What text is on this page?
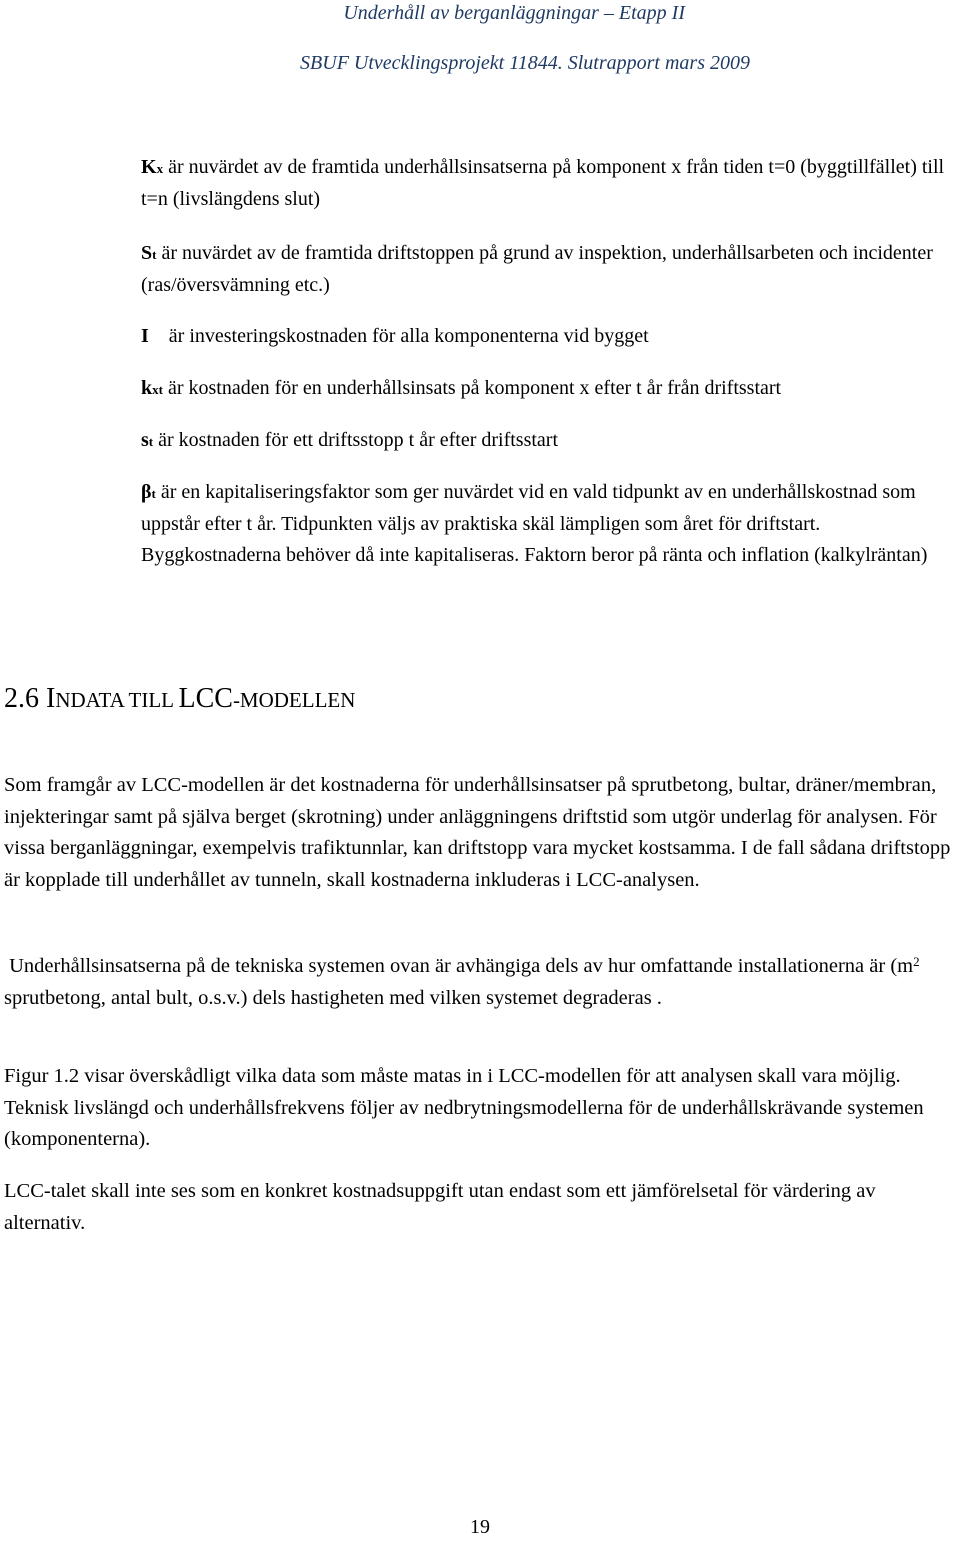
Underhåll av berganläggningar – Etapp II
SBUF Utvecklingsprojekt 11844. Slutrapport mars 2009

Kx är nuvärdet av de framtida underhållsinsatserna på komponent x från tiden t=0 (byggtillfället) till t=n (livslängdens slut)

St är nuvärdet av de framtida driftstoppen på grund av inspektion, underhållsarbeten och incidenter (ras/översvämning etc.)

I    är investeringskostnaden för alla komponenterna vid bygget

kxt är kostnaden för en underhållsinsats på komponent x efter t år från driftsstart

st är kostnaden för ett driftsstopp t år efter driftsstart

βt är en kapitaliseringsfaktor som ger nuvärdet vid en vald tidpunkt av en underhållskostnad som uppstår efter t år. Tidpunkten väljs av praktiska skäl lämpligen som året för driftstart. Byggkostnaderna behöver då inte kapitaliseras. Faktorn beror på ränta och inflation (kalkylräntan)

2.6 INDATA TILL LCC-MODELLEN

Som framgår av LCC-modellen är det kostnaderna för underhållsinsatser på sprutbetong, bultar, dräner/membran, injekteringar samt på själva berget (skrotning) under anläggningens driftstid som utgör underlag för analysen. För vissa berganläggningar, exempelvis trafiktunnlar, kan driftstopp vara mycket kostsamma. I de fall sådana driftstopp är kopplade till underhållet av tunneln, skall kostnaderna inkluderas i LCC-analysen.

Underhållsinsatserna på de tekniska systemen ovan är avhängiga dels av hur omfattande installationerna är ($m^2$ sprutbetong, antal bult, o.s.v.) dels hastigheten med vilken systemet degraderas .

Figur 1.2 visar överskådligt vilka data som måste matas in i LCC-modellen för att analysen skall vara möjlig. Teknisk livslängd och underhållsfrekvens följer av nedbrytningsmodellerna för de underhållskrävande systemen (komponenterna).

LCC-talet skall inte ses som en konkret kostnadsuppgift utan endast som ett jämförelsetal för värdering av alternativ.

19
